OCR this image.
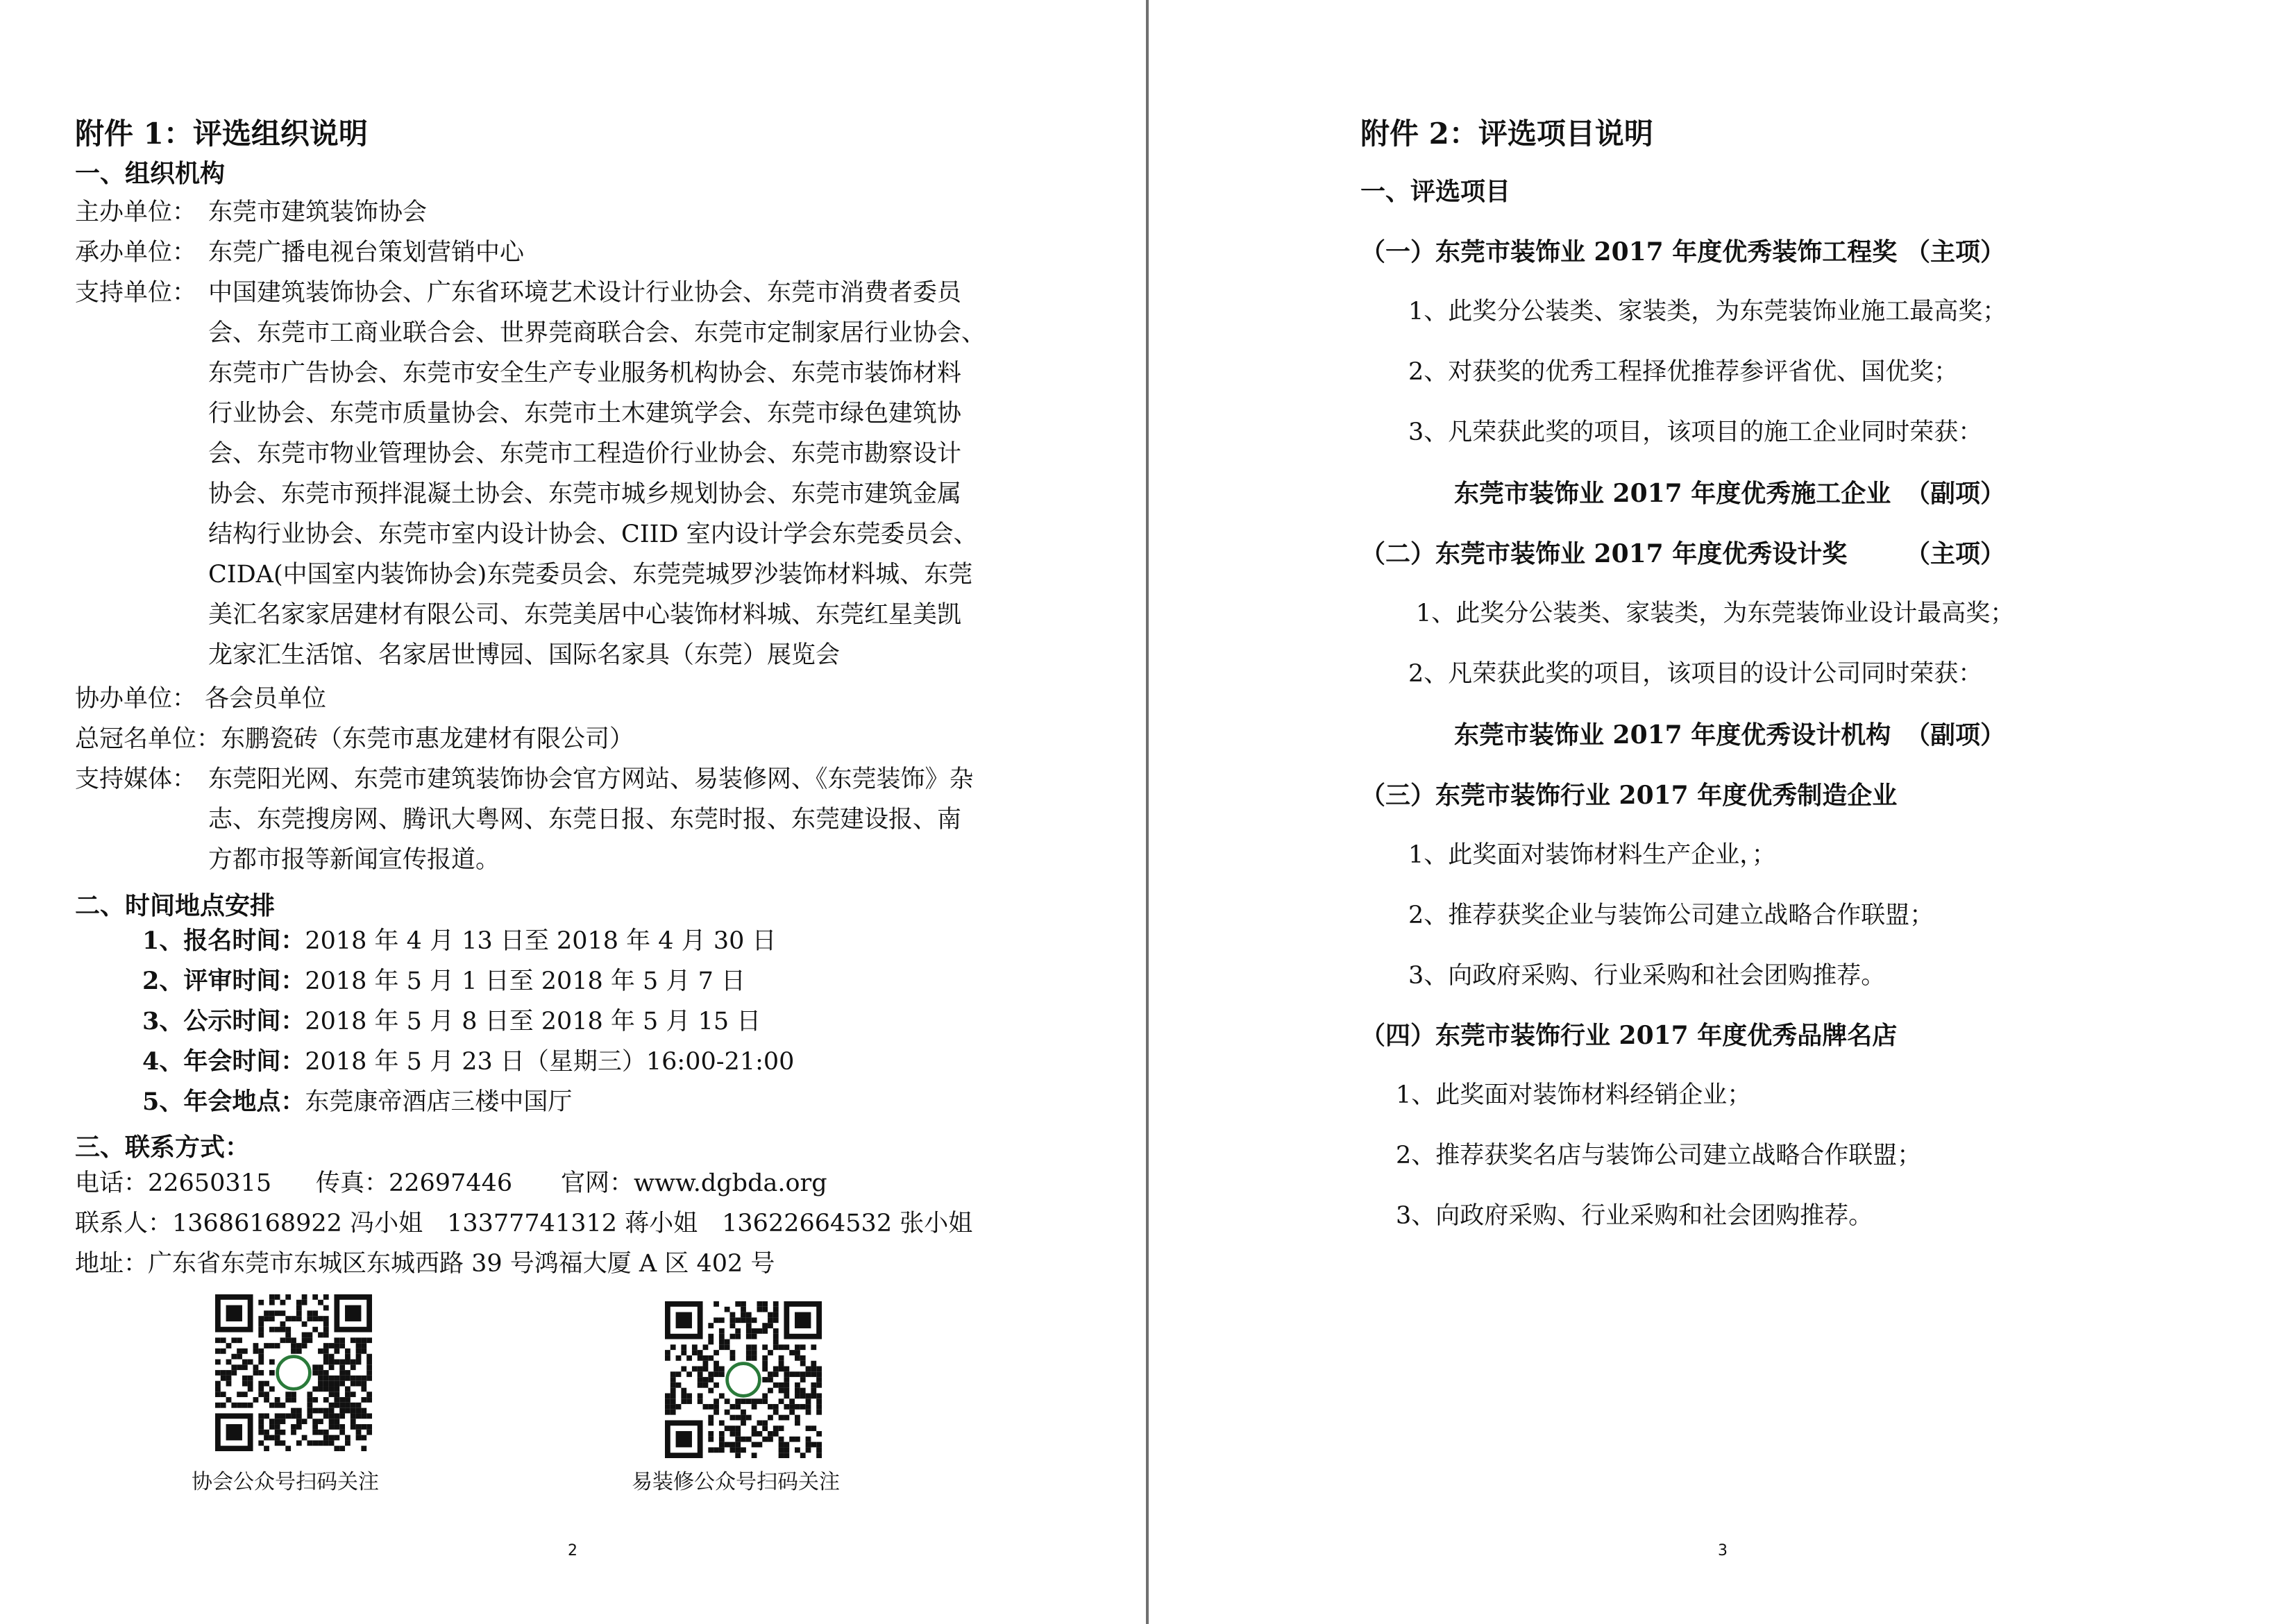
附件 1：评选组织说明
一、组织机构
主办单位： 东莞市建筑装饰协会
承办单位： 东莞广播电视台策划营销中心
支持单位： 中国建筑装饰协会、广东省环境艺术设计行业协会、东莞市消费者委员
会、东莞市工商业联合会、世界莞商联合会、东莞市定制家居行业协会、
东莞市广告协会、东莞市安全生产专业服务机构协会、东莞市装饰材料
行业协会、东莞市质量协会、东莞市土木建筑学会、东莞市绿色建筑协
会、东莞市物业管理协会、东莞市工程造价行业协会、东莞市勘察设计
协会、东莞市预拌混凝土协会、东莞市城乡规划协会、东莞市建筑金属
结构行业协会、东莞市室内设计协会、CIID 室内设计学会东莞委员会、
CIDA(中国室内装饰协会)东莞委员会、东莞莞城罗沙装饰材料城、东莞
美汇名家家居建材有限公司、东莞美居中心装饰材料城、东莞红星美凯
龙家汇生活馆、名家居世博园、国际名家具（东莞）展览会
协办单位： 各会员单位
总冠名单位： 东鹏瓷砖（东莞市惠龙建材有限公司）
支持媒体： 东莞阳光网、东莞市建筑装饰协会官方网站、易装修网、《东莞装饰》杂
志、东莞搜房网、腾讯大粤网、东莞日报、东莞时报、东莞建设报、南
方都市报等新闻宣传报道。
二、时间地点安排
1、报名时间：2018 年 4 月 13 日至 2018 年 4 月 30 日
2、评审时间：2018 年 5 月 1 日至 2018 年 5 月 7 日
3、公示时间：2018 年 5 月 8 日至 2018 年 5 月 15 日
4、年会时间：2018 年 5 月 23 日（星期三）16:00-21:00
5、年会地点：东莞康帝酒店三楼中国厅
三、联系方式：
电话：22650315 传真：22697446 官网：www.dgbda.org
联系人：13686168922 冯小姐　13377741312 蒋小姐　13622664532 张小姐
地址：广东省东莞市东城区东城西路 39 号鸿福大厦 A 区 402 号
协会公众号扫码关注	易装修公众号扫码关注
2
附件 2：评选项目说明
一、评选项目
（一）东莞市装饰业 2017 年度优秀装饰工程奖 （主项）
1、此奖分公装类、家装类，为东莞装饰业施工最高奖；
2、对获奖的优秀工程择优推荐参评省优、国优奖；
3、凡荣获此奖的项目，该项目的施工企业同时荣获：
东莞市装饰业 2017 年度优秀施工企业 （副项）
（二）东莞市装饰业 2017 年度优秀设计奖 （主项）
1、此奖分公装类、家装类，为东莞装饰业设计最高奖；
2、凡荣获此奖的项目，该项目的设计公司同时荣获：
东莞市装饰业 2017 年度优秀设计机构 （副项）
（三）东莞市装饰行业 2017 年度优秀制造企业
1、此奖面对装饰材料生产企业，；
2、推荐获奖企业与装饰公司建立战略合作联盟；
3、向政府采购、行业采购和社会团购推荐。
（四）东莞市装饰行业 2017 年度优秀品牌名店
1、此奖面对装饰材料经销企业；
2、推荐获奖名店与装饰公司建立战略合作联盟；
3、向政府采购、行业采购和社会团购推荐。
3
